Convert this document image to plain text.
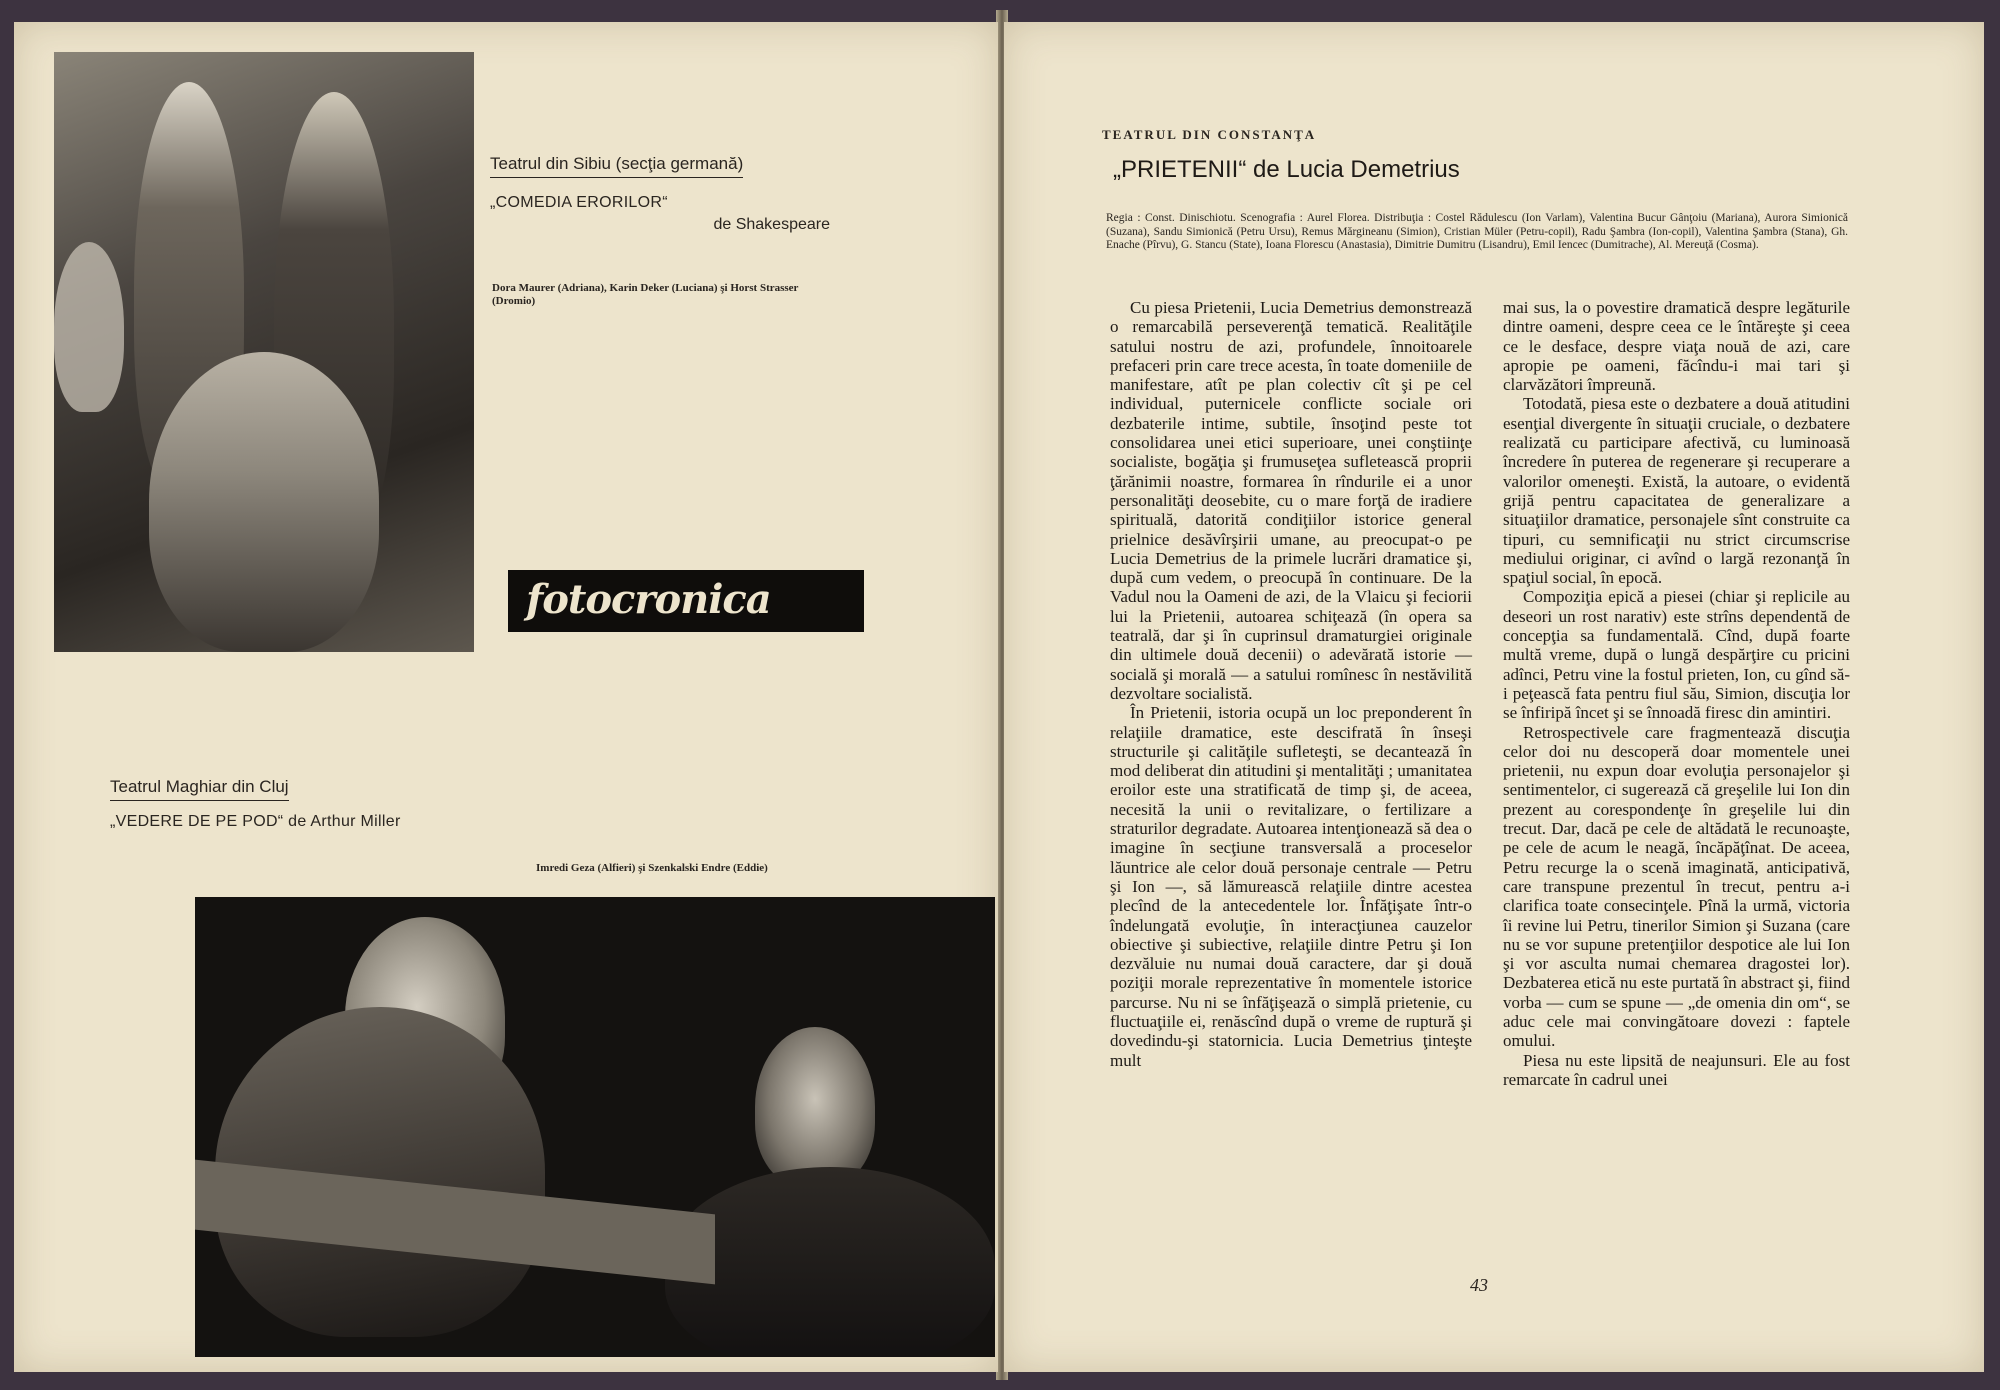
Teatrul din Sibiu (secţia germană)
„COMEDIA ERORILOR“
de Shakespeare
Dora Maurer (Adriana), Karin Deker (Luciana) şi Horst Strasser (Dromio)
fotocronica
Teatrul Maghiar din Cluj
„VEDERE DE PE POD“ de Arthur Miller
Imredi Geza (Alfieri) şi Szenkalski Endre (Eddie)
TEATRUL DIN CONSTANŢA
„PRIETENII“ de Lucia Demetrius
Regia : Const. Dinischiotu. Scenografia : Aurel Florea. Distribuţia : Costel Rădulescu (Ion Varlam), Valentina Bucur Gânţoiu (Mariana), Aurora Simionică (Suzana), Sandu Simionică (Petru Ursu), Remus Mărgineanu (Simion), Cristian Müler (Petru-copil), Radu Şambra (Ion-copil), Valentina Şambra (Stana), Gh. Enache (Pîrvu), G. Stancu (State), Ioana Florescu (Anastasia), Dimitrie Dumitru (Lisandru), Emil Iencec (Dumitrache), Al. Mereuţă (Cosma).

Cu piesa Prietenii, Lucia Demetrius demonstrează o remarcabilă perseverenţă tematică. Realităţile satului nostru de azi, profundele, înnoitoarele prefaceri prin care trece acesta, în toate domeniile de manifestare, atît pe plan colectiv cît şi pe cel individual, puternicele conflicte sociale ori dezbaterile intime, subtile, însoţind peste tot consolidarea unei etici superioare, unei conştiinţe socialiste, bogăţia şi frumuseţea sufletească proprii ţărănimii noastre, formarea în rîndurile ei a unor personalităţi deosebite, cu o mare forţă de iradiere spirituală, datorită condiţiilor istorice general prielnice desăvîrşirii umane, au preocupat-o pe Lucia Demetrius de la primele lucrări dramatice şi, după cum vedem, o preocupă în continuare. De la Vadul nou la Oameni de azi, de la Vlaicu şi feciorii lui la Prietenii, autoarea schiţează (în opera sa teatrală, dar şi în cuprinsul dramaturgiei originale din ultimele două decenii) o adevărată istorie — socială şi morală — a satului romînesc în nestăvilită dezvoltare socialistă.

În Prietenii, istoria ocupă un loc preponderent în relaţiile dramatice, este descifrată în înseşi structurile şi calităţile sufleteşti, se decantează în mod deliberat din atitudini şi mentalităţi ; umanitatea eroilor este una stratificată de timp şi, de aceea, necesită la unii o revitalizare, o fertilizare a straturilor degradate. Autoarea intenţionează să dea o imagine în secţiune transversală a proceselor lăuntrice ale celor două personaje centrale — Petru şi Ion —, să lămurească relaţiile dintre acestea plecînd de la antecedentele lor. Înfăţişate într-o îndelungată evoluţie, în interacţiunea cauzelor obiective şi subiective, relaţiile dintre Petru şi Ion dezvăluie nu numai două caractere, dar şi două poziţii morale reprezentative în momentele istorice parcurse. Nu ni se înfăţişează o simplă prietenie, cu fluctuaţiile ei, renăscînd după o vreme de ruptură şi dovedindu-şi statornicia. Lucia Demetrius ţinteşte mult

mai sus, la o povestire dramatică despre legăturile dintre oameni, despre ceea ce le întăreşte şi ceea ce le desface, despre viaţa nouă de azi, care apropie pe oameni, făcîndu-i mai tari şi clarvăzători împreună.

Totodată, piesa este o dezbatere a două atitudini esenţial divergente în situaţii cruciale, o dezbatere realizată cu participare afectivă, cu luminoasă încredere în puterea de regenerare şi recuperare a valorilor omeneşti. Există, la autoare, o evidentă grijă pentru capacitatea de generalizare a situaţiilor dramatice, personajele sînt construite ca tipuri, cu semnificaţii nu strict circumscrise mediului originar, ci avînd o largă rezonanţă în spaţiul social, în epocă.

Compoziţia epică a piesei (chiar şi replicile au deseori un rost narativ) este strîns dependentă de concepţia sa fundamentală. Cînd, după foarte multă vreme, după o lungă despărţire cu pricini adînci, Petru vine la fostul prieten, Ion, cu gînd să-i peţească fata pentru fiul său, Simion, discuţia lor se înfiripă încet şi se înnoadă firesc din amintiri.

Retrospectivele care fragmentează discuţia celor doi nu descoperă doar momentele unei prietenii, nu expun doar evoluţia personajelor şi sentimentelor, ci sugerează că greşelile lui Ion din prezent au corespondenţe în greşelile lui din trecut. Dar, dacă pe cele de altădată le recunoaşte, pe cele de acum le neagă, încăpăţînat. De aceea, Petru recurge la o scenă imaginată, anticipativă, care transpune prezentul în trecut, pentru a-i clarifica toate consecinţele. Pînă la urmă, victoria îi revine lui Petru, tinerilor Simion şi Suzana (care nu se vor supune pretenţiilor despotice ale lui Ion şi vor asculta numai chemarea dragostei lor). Dezbaterea etică nu este purtată în abstract şi, fiind vorba — cum se spune — „de omenia din om“, se aduc cele mai convingătoare dovezi : faptele omului.

Piesa nu este lipsită de neajunsuri. Ele au fost remarcate în cadrul unei

43
